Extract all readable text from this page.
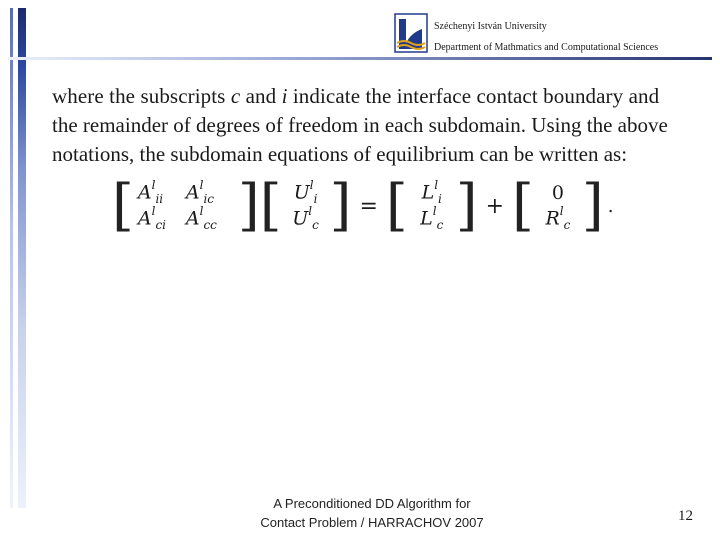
Széchenyi István University
Department of Mathmatics and Computational Sciences
where the subscripts c and i indicate the interface contact boundary and
the remainder of degrees of freedom in each subdomain. Using the above
notations, the subdomain equations of equilibrium can be written as:
[ $A^l_{ii}$	$A^l_{ic}$
$A^l_{ci}$	$A^l_{cc}$ ] [ $U^l_i$
$U^l_c$ ] = [ $L^l_i$
$L^l_c$ ] + [ 0
$R^l_c$ ] .
A Preconditioned DD Algorithm for Contact Problem / HARRACHOV 2007	12
